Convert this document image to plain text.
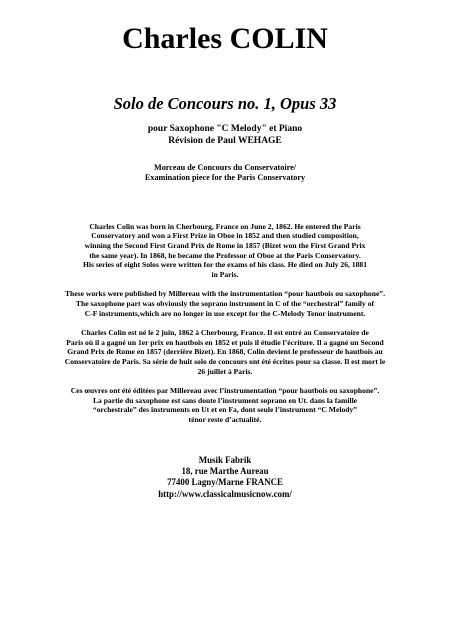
Charles COLIN
Solo de Concours no. 1, Opus 33
pour Saxophone "C Melody" et Piano
Révision de Paul WEHAGE
Morceau de Concours du Conservatoire/
Examination piece for the Paris Conservatory
Charles Colin was born in Cherbourg, France on June 2, 1862. He entered the Paris
Conservatory and won a First Prize in Oboe in 1852 and then studied composition,
winning the Second First Grand Prix de Rome in 1857 (Bizet won the First Grand Prix
the same year). In 1868, he became the Professor of Oboe at the Paris Conservatory.
His series of eight Solos were written for the exams of his class. He died on July 26, 1881
in Paris.
These works were published by Millereau with the instrumentation “pour hautbois ou saxophone”.
The saxophone part was obviously the soprano instrument in C of the “orchestral” family of
C-F instruments,which are no longer in use except for the C-Melody Tenor instrument.
Charles Colin est né le 2 juin, 1862 à Cherbourg, France. Il est entré au Conservatoire de
Paris où il a gagné un 1er prix en hautbois en 1852 et puis il étudie l’écriture. Il a gagné un Second
Grand Prix de Rome en 1857 (derrière Bizet). En 1868, Colin devient le professeur de hautbois au
Conservatoire de Paris. Sa série de huit solo de concours ont été écrites pour sa classe. Il est mort le
26 juillet à Paris.
Ces œuvres ont été éditées par Millereau avec l’instrumentation “pour hautbois ou saxophone”.
La partie du saxophone est sans doute l’instrument soprano en Ut. dans la famille
“orchestrale” des instruments en Ut et en Fa, dont seule l’instrument “C Melody”
ténor reste d’actualité.
Musik Fabrik
18, rue Marthe Aureau
77400 Lagny/Marne FRANCE
http://www.classicalmusicnow.com/
